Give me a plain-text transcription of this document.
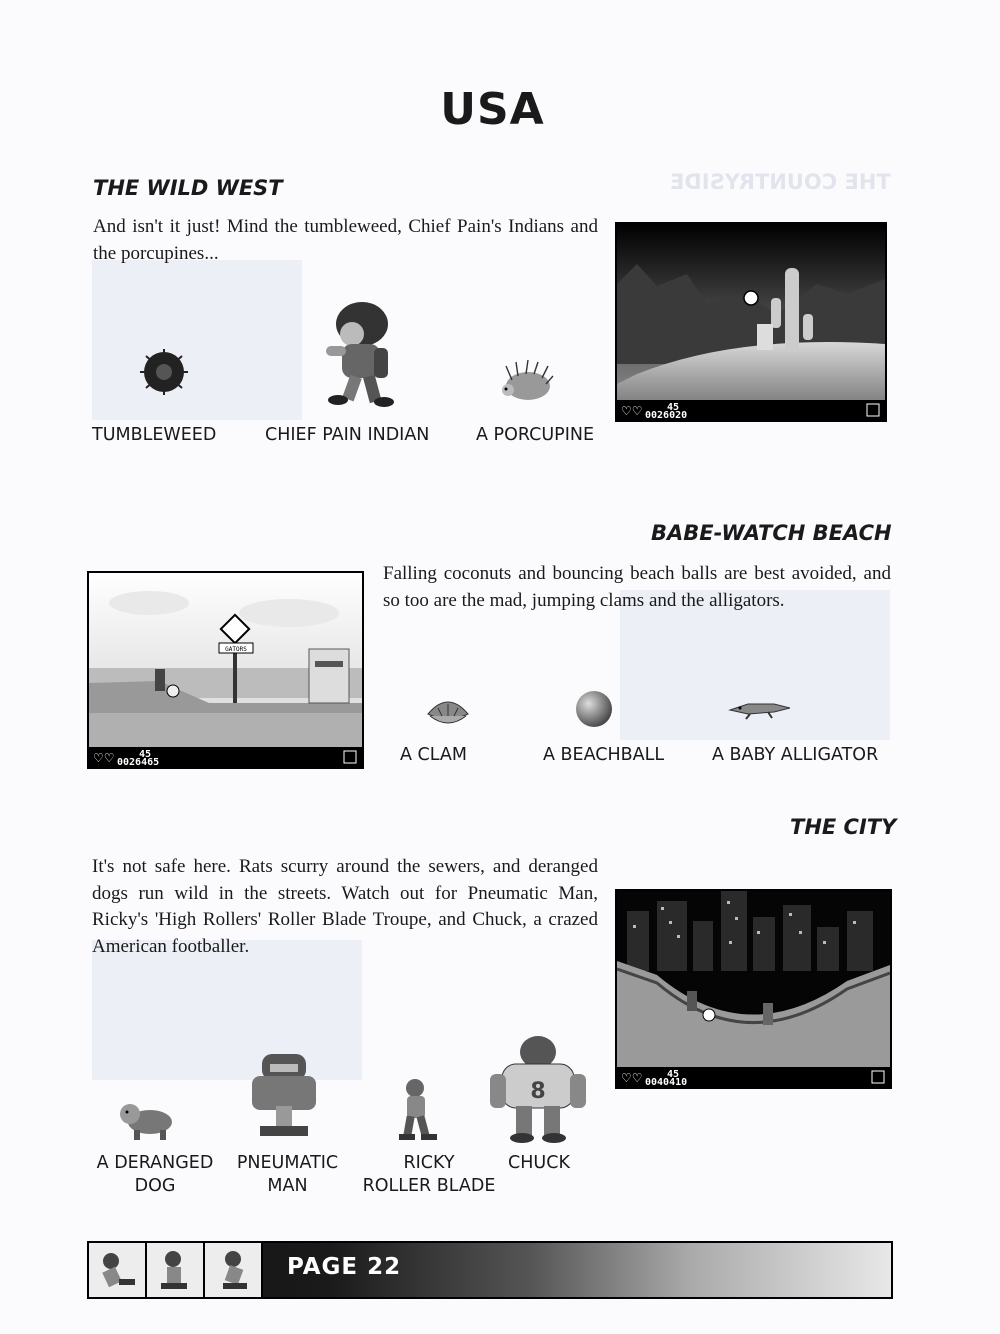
THE COUNTRYSIDE
USA
THE WILD WEST
And isn't it just! Mind the tumbleweed, Chief Pain's Indians and the porcupines...
TUMBLEWEED	CHIEF PAIN INDIAN	A PORCUPINE
45
0026020
♡♡
BABE-WATCH BEACH
Falling coconuts and bouncing beach balls are best avoided, and so too are the mad, jumping clams and the alligators.
GATORS
45
0026465
♡♡	A CLAM	A BEACHBALL	A BABY ALLIGATOR
THE CITY
It's not safe here. Rats scurry around the sewers, and deranged dogs run wild in the streets. Watch out for Pneumatic Man, Ricky's 'High Rollers' Roller Blade Troupe, and Chuck, a crazed American footballer.
45
0040410
♡♡
8
A DERANGED
DOG
PNEUMATIC
MAN
RICKY
ROLLER BLADE
CHUCK
PAGE 22
